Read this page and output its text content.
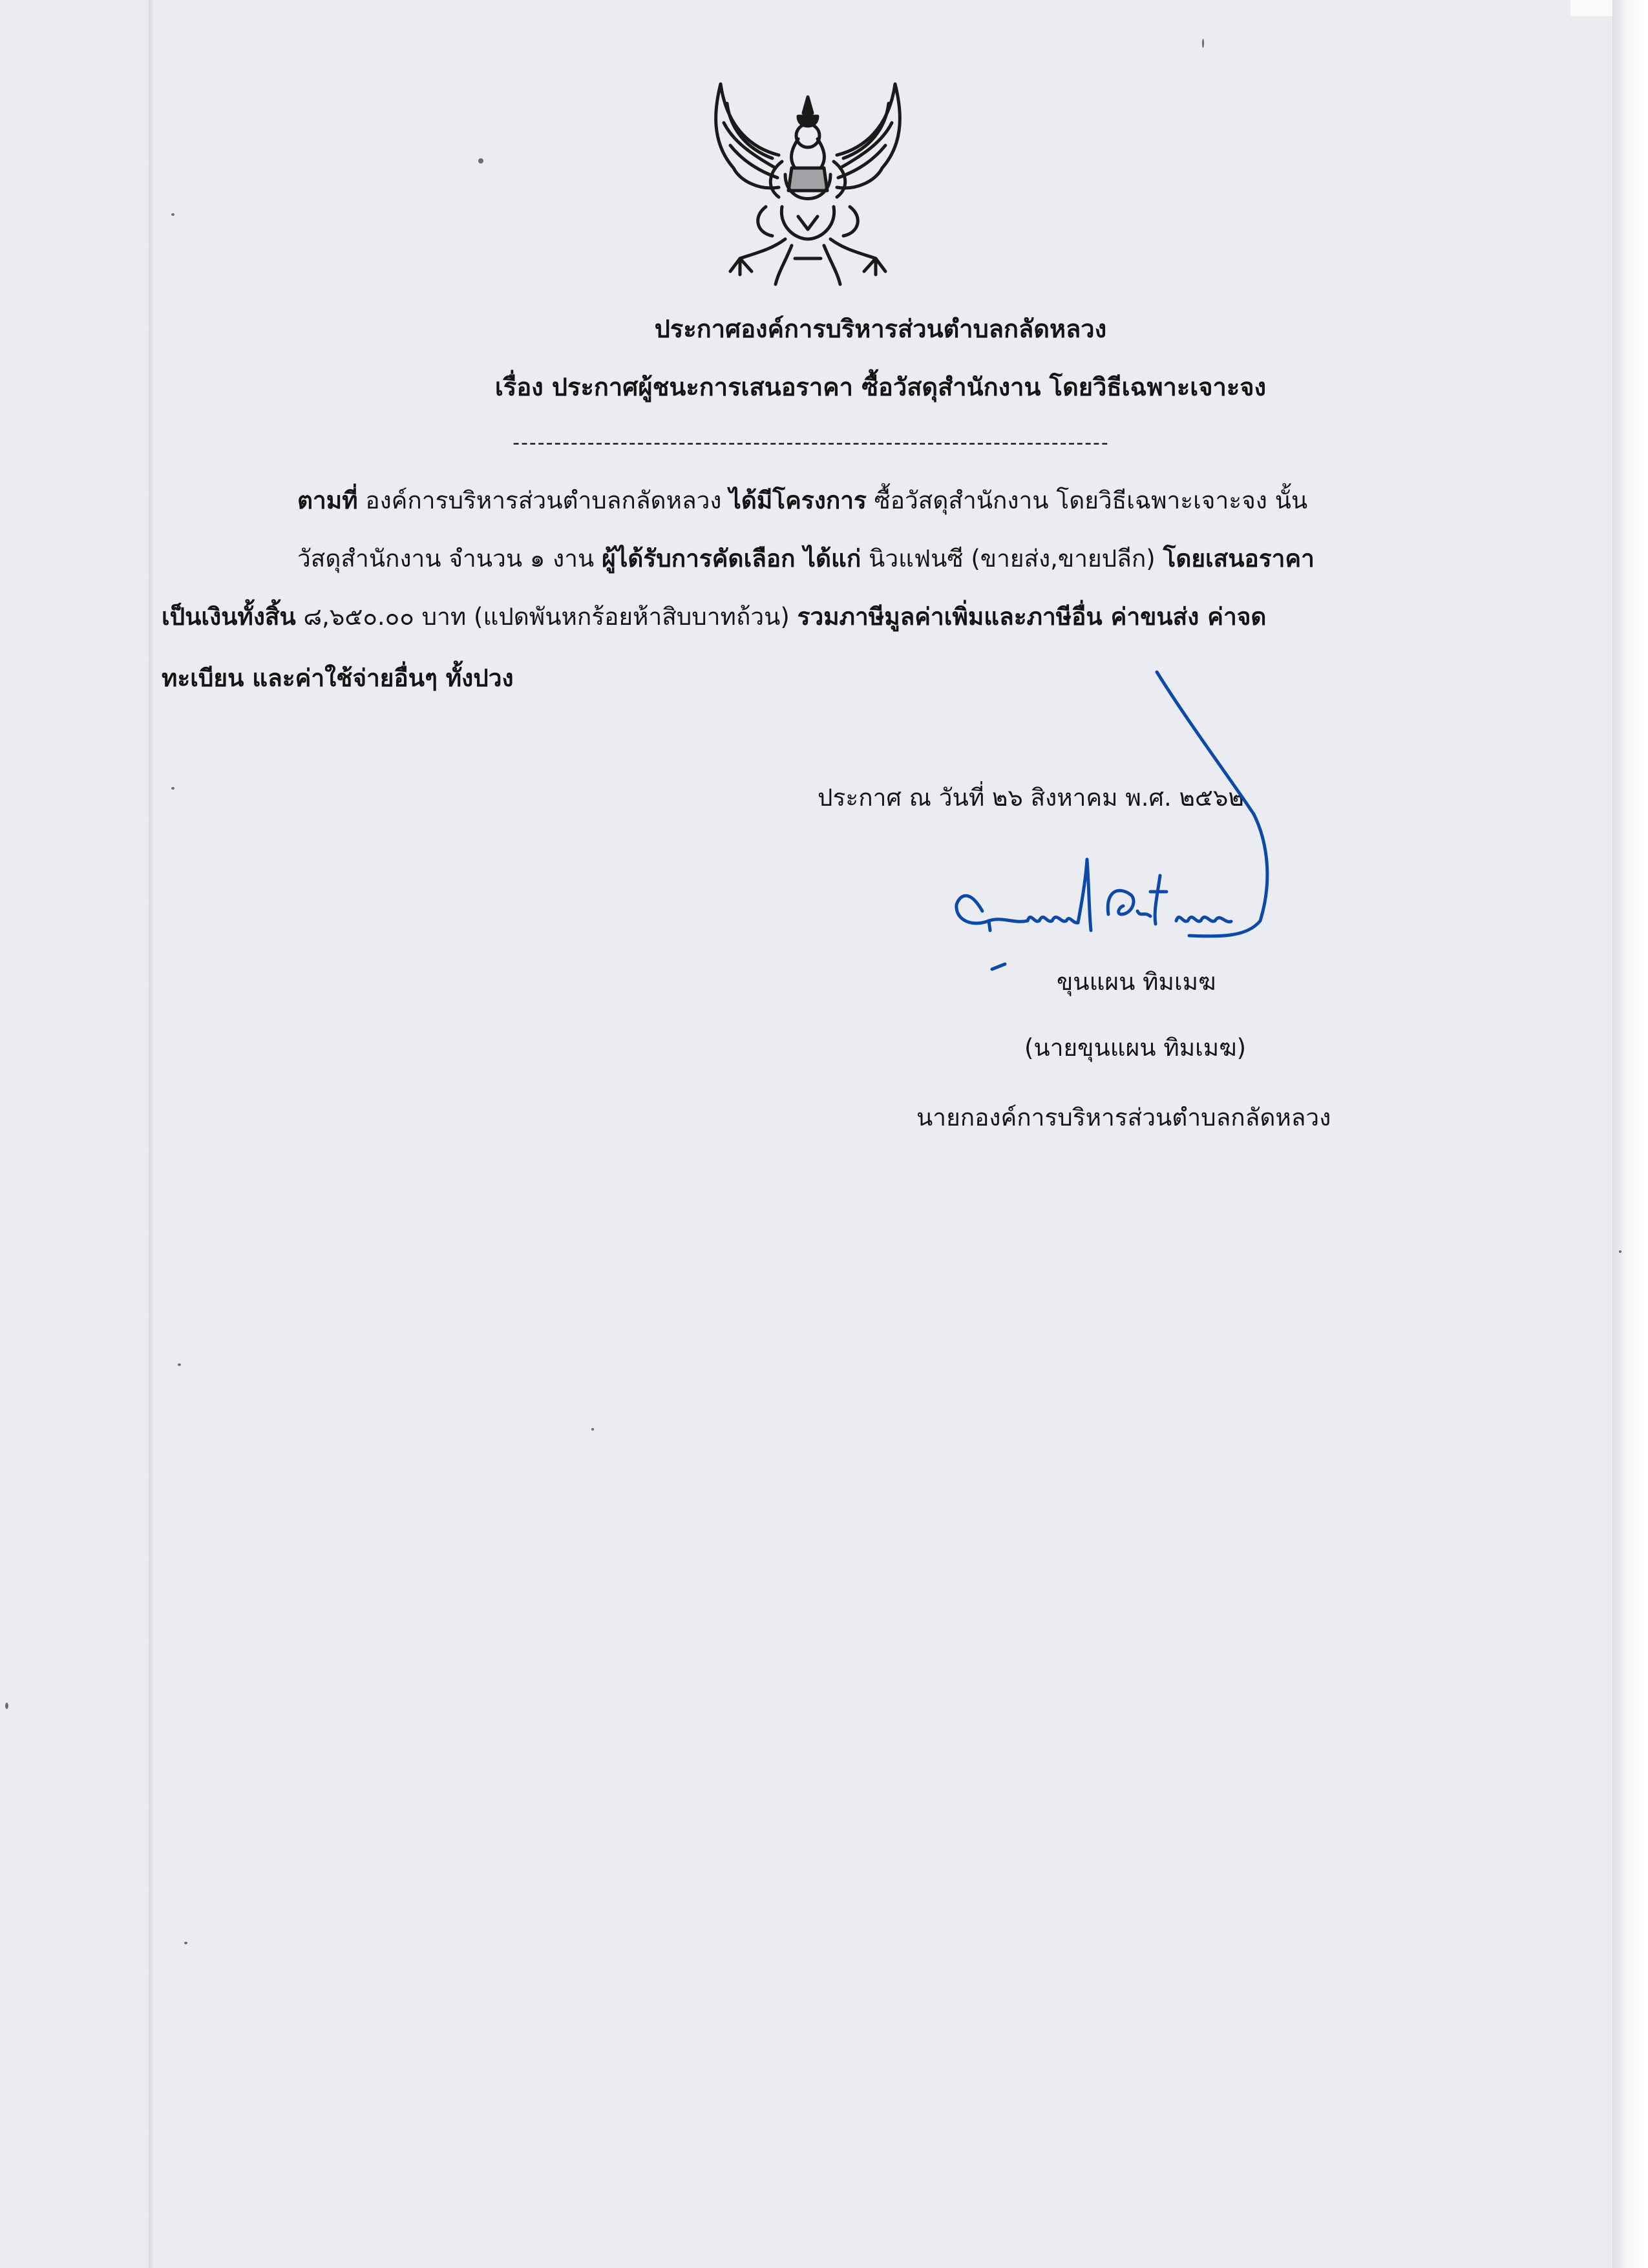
ประกาศองค์การบริหารส่วนตำบลกลัดหลวง
เรื่อง ประกาศผู้ชนะการเสนอราคา ซื้อวัสดุสำนักงาน โดยวิธีเฉพาะเจาะจง
------------------------------------------------------------------------
ตามที่ องค์การบริหารส่วนตำบลกลัดหลวง ได้มีโครงการ ซื้อวัสดุสำนักงาน โดยวิธีเฉพาะเจาะจง นั้น
วัสดุสำนักงาน จำนวน ๑ งาน ผู้ได้รับการคัดเลือก ได้แก่ นิวแฟนซี (ขายส่ง,ขายปลีก) โดยเสนอราคา
เป็นเงินทั้งสิ้น ๘,๖๕๐.๐๐ บาท (แปดพันหกร้อยห้าสิบบาทถ้วน) รวมภาษีมูลค่าเพิ่มและภาษีอื่น ค่าขนส่ง ค่าจด
ทะเบียน และค่าใช้จ่ายอื่นๆ ทั้งปวง
ประกาศ ณ วันที่ ๒๖ สิงหาคม พ.ศ. ๒๕๖๒
ขุนแผน ทิมเมฆ
(นายขุนแผน ทิมเมฆ)
นายกองค์การบริหารส่วนตำบลกลัดหลวง
